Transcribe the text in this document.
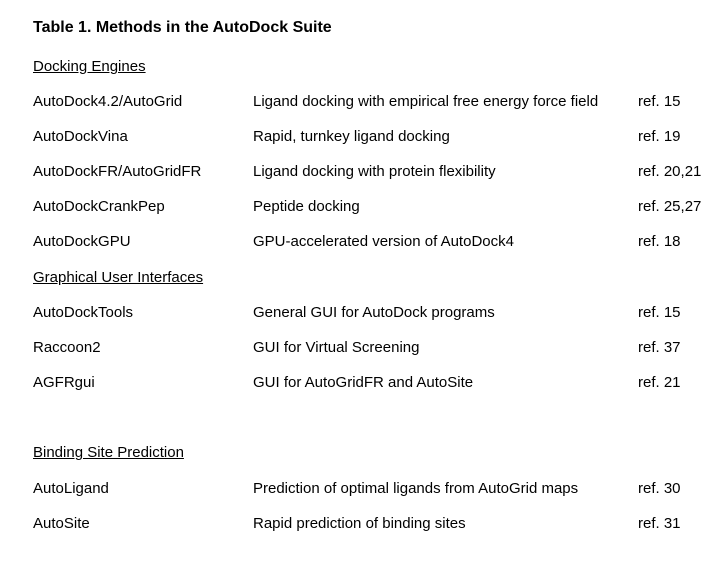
Table 1. Methods in the AutoDock Suite
Docking Engines
AutoDock4.2/AutoGrid	Ligand docking with empirical free energy force field	ref. 15
AutoDockVina	Rapid, turnkey ligand docking	ref. 19
AutoDockFR/AutoGridFR	Ligand docking with protein flexibility	ref. 20,21
AutoDockCrankPep	Peptide docking	ref. 25,27
AutoDockGPU	GPU-accelerated version of AutoDock4	ref. 18
Graphical User Interfaces
AutoDockTools	General GUI for AutoDock programs	ref. 15
Raccoon2	GUI for Virtual Screening	ref. 37
AGFRgui	GUI for AutoGridFR and AutoSite	ref. 21
Binding Site Prediction
AutoLigand	Prediction of optimal ligands from AutoGrid maps	ref. 30
AutoSite	Rapid prediction of binding sites	ref. 31
